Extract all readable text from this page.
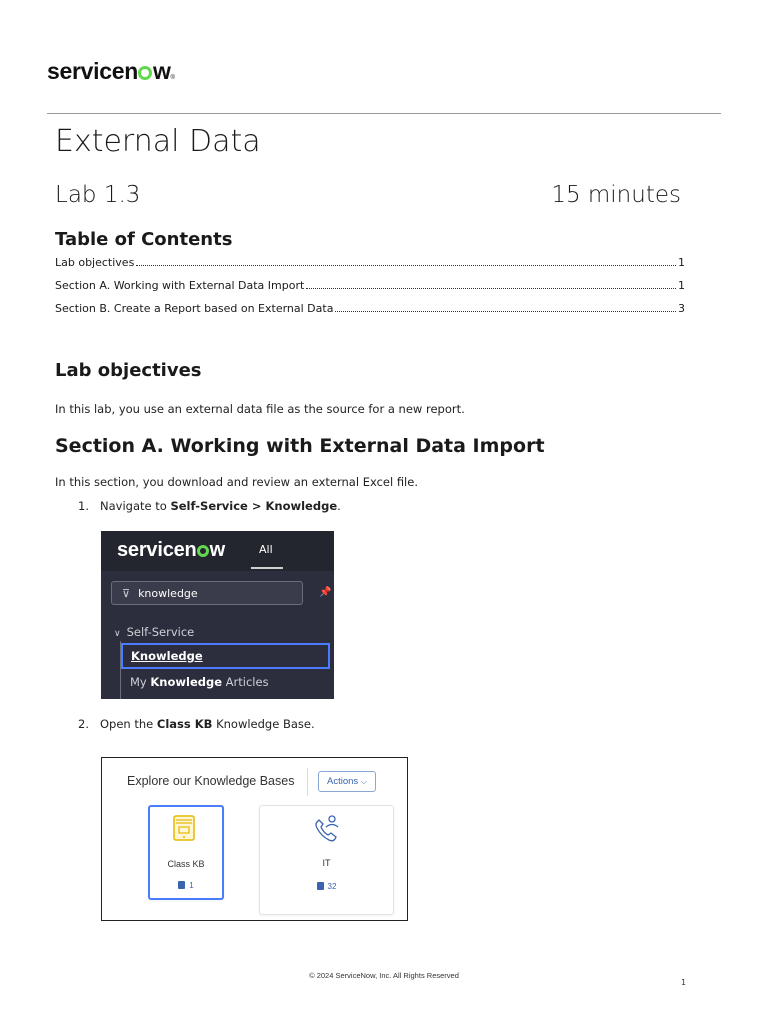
servicen w ®
External Data
Lab 1.3	15 minutes
Table of Contents
Lab objectives	1
Section A. Working with External Data Import	1
Section B. Create a Report based on External Data	3
Lab objectives
In this lab, you use an external data file as the source for a new report.
Section A. Working with External Data Import
In this section, you download and review an external Excel file.
1. Navigate to Self-Service > Knowledge.
servicen w	All
⊽ knowledge	📌
∨ Self-Service
Knowledge
My Knowledge Articles
2. Open the Class KB Knowledge Base.
Explore our Knowledge Bases	Actions ⌵
Class KB
1
IT
32
© 2024 ServiceNow, Inc. All Rights Reserved
1
